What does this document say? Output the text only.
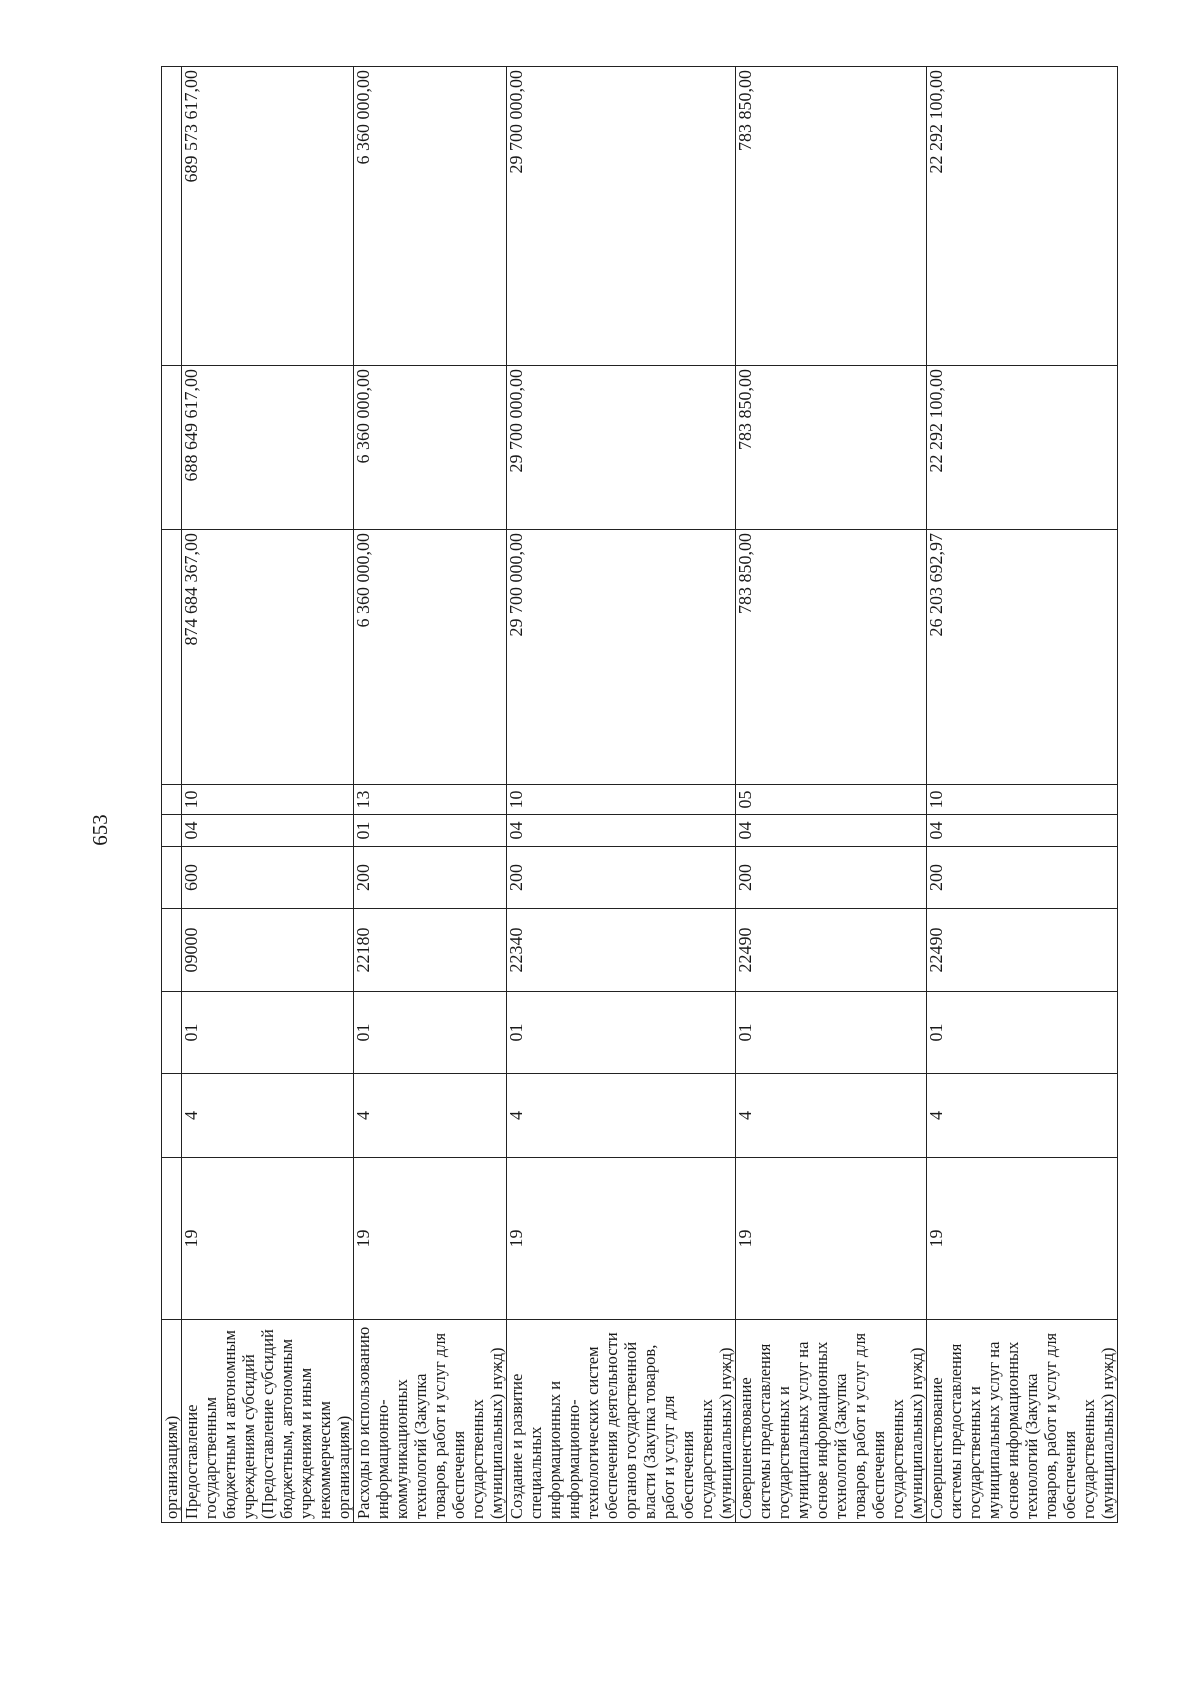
653
организациям)										
Предоставление государственным бюджетным и автономным учреждениям субсидий (Предоставление субсидий бюджетным, автономным учреждениям и иным некоммерческим организациям)	19	4	01	09000	600	04	10	874 684 367,00	688 649 617,00	689 573 617,00
Расходы по использованию информационно-коммуникационных технологий (Закупка товаров, работ и услуг для обеспечения государственных (муниципальных) нужд)	19	4	01	22180	200	01	13	6 360 000,00	6 360 000,00	6 360 000,00
Создание и развитие специальных информационных и информационно-технологических систем обеспечения деятельности органов государственной власти (Закупка товаров, работ и услуг для обеспечения государственных (муниципальных) нужд)	19	4	01	22340	200	04	10	29 700 000,00	29 700 000,00	29 700 000,00
Совершенствование системы предоставления государственных и муниципальных услуг на основе информационных технологий (Закупка товаров, работ и услуг для обеспечения государственных (муниципальных) нужд)	19	4	01	22490	200	04	05	783 850,00	783 850,00	783 850,00
Совершенствование системы предоставления государственных и муниципальных услуг на основе информационных технологий (Закупка товаров, работ и услуг для обеспечения государственных (муниципальных) нужд)	19	4	01	22490	200	04	10	26 203 692,97	22 292 100,00	22 292 100,00
